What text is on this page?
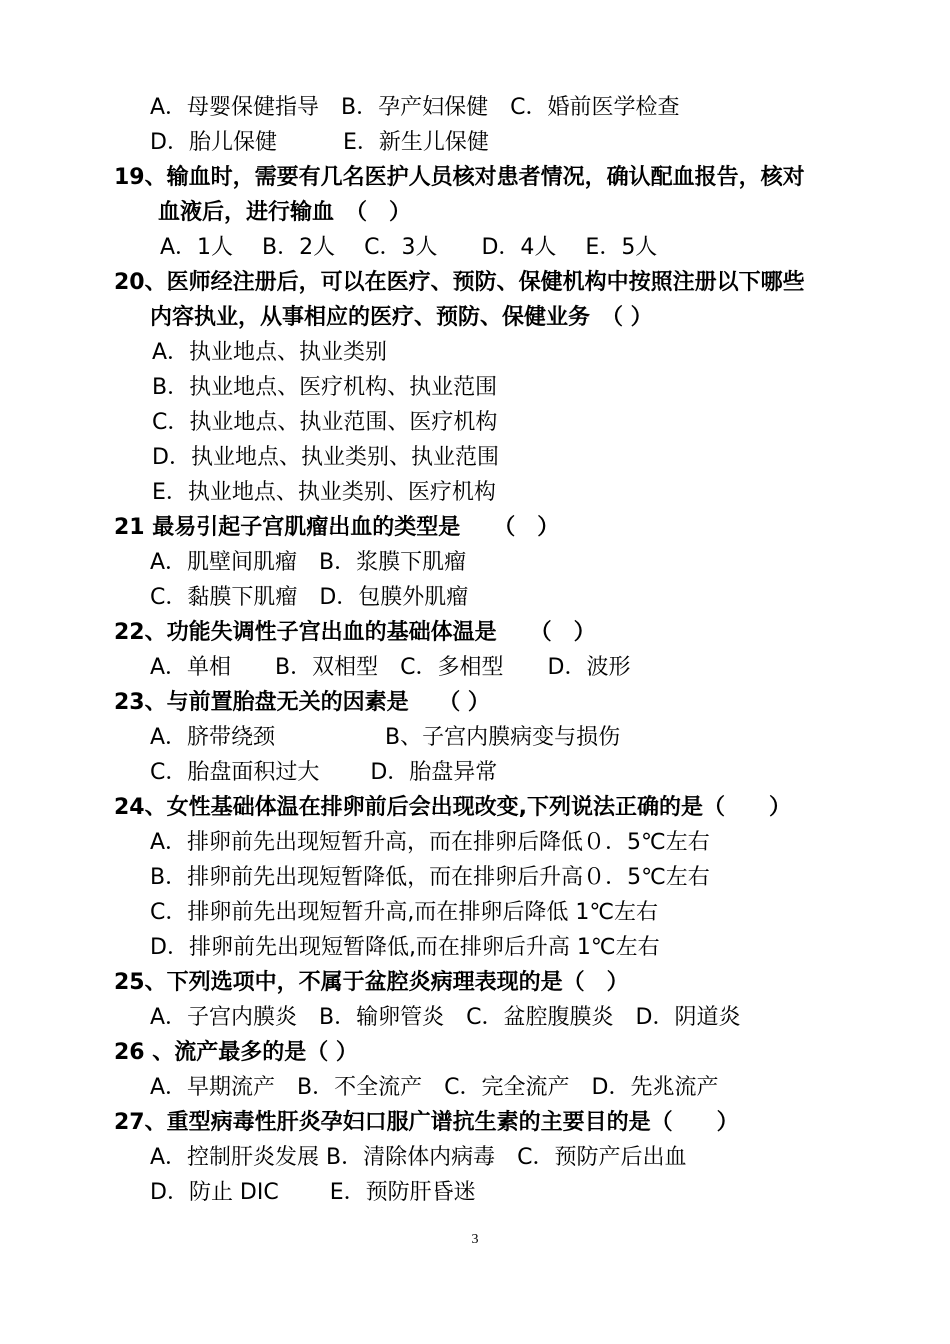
A．母婴保健指导　B．孕产妇保健　C．婚前医学检查
D．胎儿保健　　　E．新生儿保健
19、输血时，需要有几名医护人员核对患者情况，确认配血报告，核对
血液后，进行输血　（　）
A．1人　 B．2人　 C．3人　　D．4人　 E．5人
20、医师经注册后，可以在医疗、预防、保健机构中按照注册以下哪些
内容执业，从事相应的医疗、预防、保健业务　（ ）
A．执业地点、执业类别
B．执业地点、医疗机构、执业范围
C．执业地点、执业范围、医疗机构
D．执业地点、执业类别、执业范围
E．执业地点、执业类别、医疗机构
21 最易引起子宫肌瘤出血的类型是　　（　）
A．肌壁间肌瘤　B．浆膜下肌瘤
C．黏膜下肌瘤　D．包膜外肌瘤
22、功能失调性子宫出血的基础体温是　　（　）
A．单相　　B．双相型　C．多相型　　D．波形
23、与前置胎盘无关的因素是　 （ ）
A．脐带绕颈　　　　　B、子宫内膜病变与损伤
C．胎盘面积过大　　 D．胎盘异常
24、女性基础体温在排卵前后会出现改变,下列说法正确的是（　　）
A．排卵前先出现短暂升高，而在排卵后降低０．5℃左右
B．排卵前先出现短暂降低，而在排卵后升高０．5℃左右
C．排卵前先出现短暂升高,而在排卵后降低 1℃左右
D．排卵前先出现短暂降低,而在排卵后升高 1℃左右
25、下列选项中，不属于盆腔炎病理表现的是（　）
A．子宫内膜炎　B．输卵管炎　C．盆腔腹膜炎　D．阴道炎
26 、流产最多的是（ ）
A．早期流产　B．不全流产　C．完全流产　D．先兆流产
27、重型病毒性肝炎孕妇口服广谱抗生素的主要目的是（　　）
A．控制肝炎发展 B．清除体内病毒　C．预防产后出血
D．防止 DIC　　 E．预防肝昏迷
3
